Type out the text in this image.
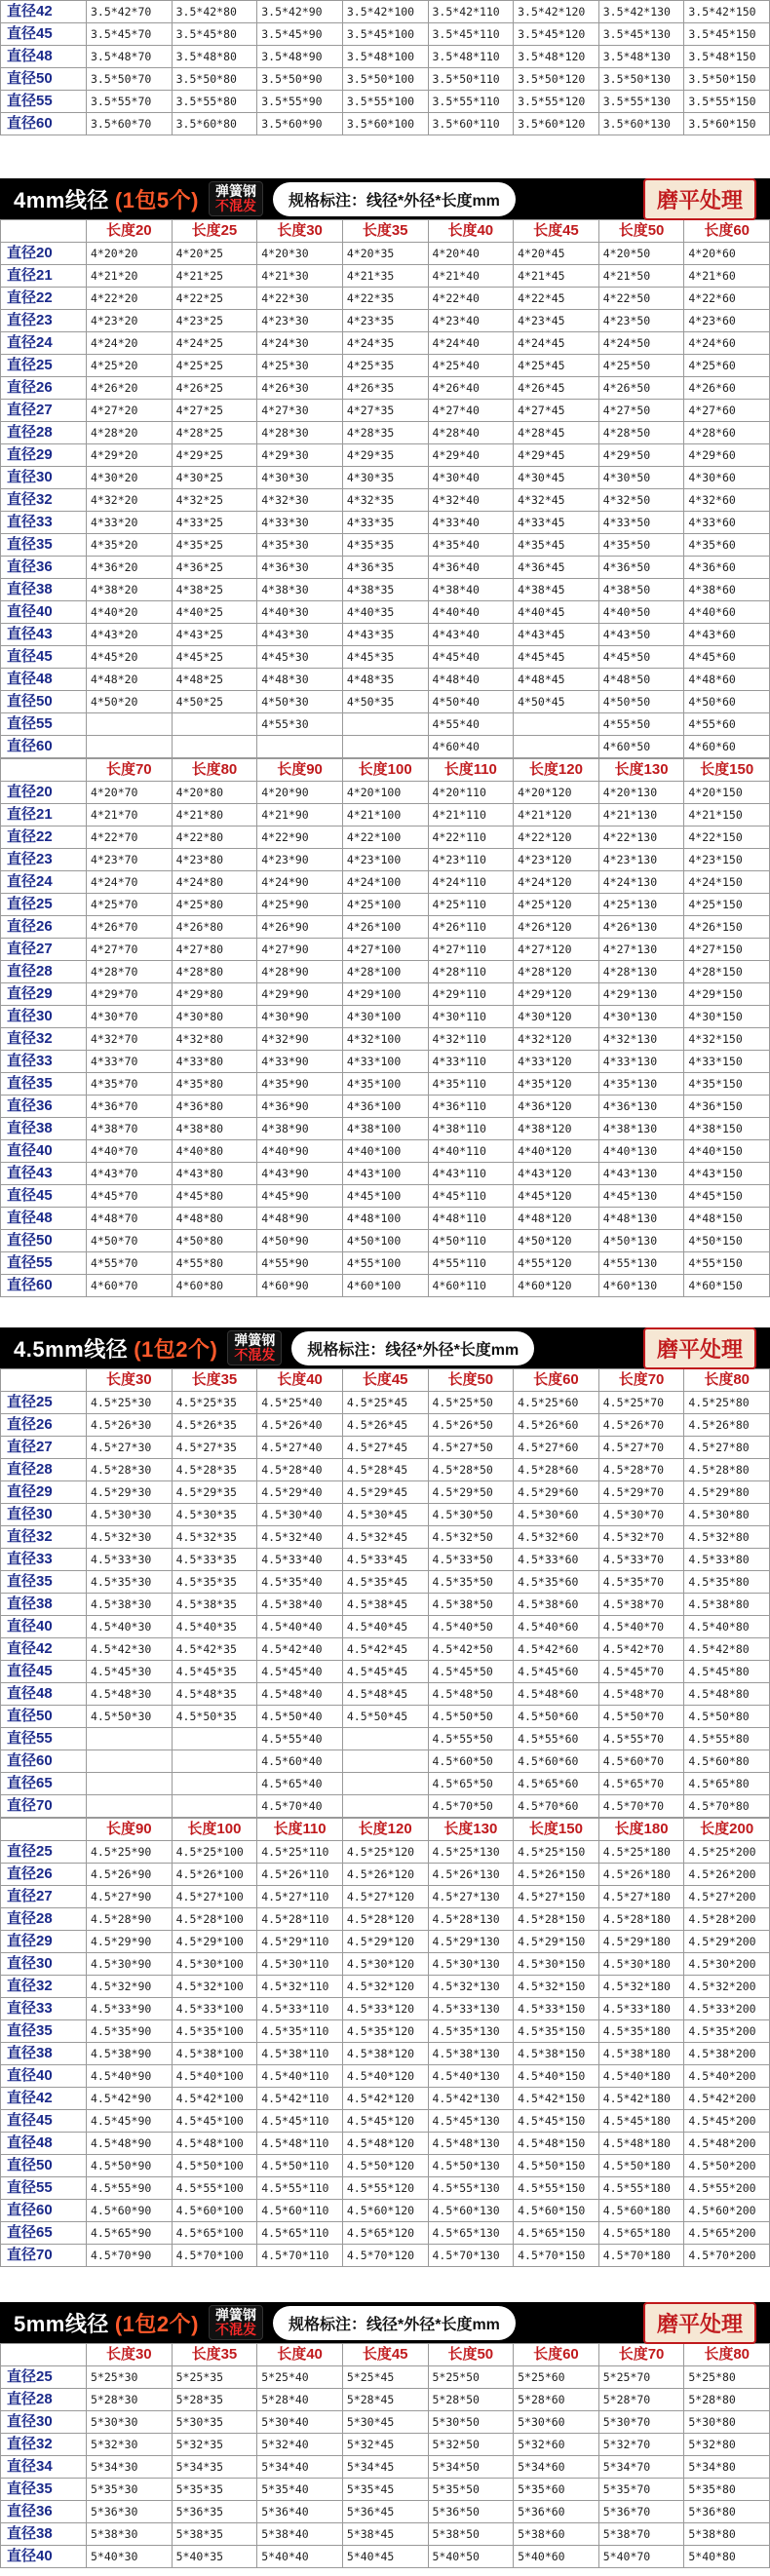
直径42	3.5*42*70	3.5*42*80	3.5*42*90	3.5*42*100	3.5*42*110	3.5*42*120	3.5*42*130	3.5*42*150
直径45	3.5*45*70	3.5*45*80	3.5*45*90	3.5*45*100	3.5*45*110	3.5*45*120	3.5*45*130	3.5*45*150
直径48	3.5*48*70	3.5*48*80	3.5*48*90	3.5*48*100	3.5*48*110	3.5*48*120	3.5*48*130	3.5*48*150
直径50	3.5*50*70	3.5*50*80	3.5*50*90	3.5*50*100	3.5*50*110	3.5*50*120	3.5*50*130	3.5*50*150
直径55	3.5*55*70	3.5*55*80	3.5*55*90	3.5*55*100	3.5*55*110	3.5*55*120	3.5*55*130	3.5*55*150
直径60	3.5*60*70	3.5*60*80	3.5*60*90	3.5*60*100	3.5*60*110	3.5*60*120	3.5*60*130	3.5*60*150
4mm线径 (1包5个) 弹簧钢
不混发	规格标注：线径*外径*长度mm	磨平处理
	长度20	长度25	长度30	长度35	长度40	长度45	长度50	长度60
直径20	4*20*20	4*20*25	4*20*30	4*20*35	4*20*40	4*20*45	4*20*50	4*20*60
直径21	4*21*20	4*21*25	4*21*30	4*21*35	4*21*40	4*21*45	4*21*50	4*21*60
直径22	4*22*20	4*22*25	4*22*30	4*22*35	4*22*40	4*22*45	4*22*50	4*22*60
直径23	4*23*20	4*23*25	4*23*30	4*23*35	4*23*40	4*23*45	4*23*50	4*23*60
直径24	4*24*20	4*24*25	4*24*30	4*24*35	4*24*40	4*24*45	4*24*50	4*24*60
直径25	4*25*20	4*25*25	4*25*30	4*25*35	4*25*40	4*25*45	4*25*50	4*25*60
直径26	4*26*20	4*26*25	4*26*30	4*26*35	4*26*40	4*26*45	4*26*50	4*26*60
直径27	4*27*20	4*27*25	4*27*30	4*27*35	4*27*40	4*27*45	4*27*50	4*27*60
直径28	4*28*20	4*28*25	4*28*30	4*28*35	4*28*40	4*28*45	4*28*50	4*28*60
直径29	4*29*20	4*29*25	4*29*30	4*29*35	4*29*40	4*29*45	4*29*50	4*29*60
直径30	4*30*20	4*30*25	4*30*30	4*30*35	4*30*40	4*30*45	4*30*50	4*30*60
直径32	4*32*20	4*32*25	4*32*30	4*32*35	4*32*40	4*32*45	4*32*50	4*32*60
直径33	4*33*20	4*33*25	4*33*30	4*33*35	4*33*40	4*33*45	4*33*50	4*33*60
直径35	4*35*20	4*35*25	4*35*30	4*35*35	4*35*40	4*35*45	4*35*50	4*35*60
直径36	4*36*20	4*36*25	4*36*30	4*36*35	4*36*40	4*36*45	4*36*50	4*36*60
直径38	4*38*20	4*38*25	4*38*30	4*38*35	4*38*40	4*38*45	4*38*50	4*38*60
直径40	4*40*20	4*40*25	4*40*30	4*40*35	4*40*40	4*40*45	4*40*50	4*40*60
直径43	4*43*20	4*43*25	4*43*30	4*43*35	4*43*40	4*43*45	4*43*50	4*43*60
直径45	4*45*20	4*45*25	4*45*30	4*45*35	4*45*40	4*45*45	4*45*50	4*45*60
直径48	4*48*20	4*48*25	4*48*30	4*48*35	4*48*40	4*48*45	4*48*50	4*48*60
直径50	4*50*20	4*50*25	4*50*30	4*50*35	4*50*40	4*50*45	4*50*50	4*50*60
直径55			4*55*30		4*55*40		4*55*50	4*55*60
直径60					4*60*40		4*60*50	4*60*60
	长度70	长度80	长度90	长度100	长度110	长度120	长度130	长度150
直径20	4*20*70	4*20*80	4*20*90	4*20*100	4*20*110	4*20*120	4*20*130	4*20*150
直径21	4*21*70	4*21*80	4*21*90	4*21*100	4*21*110	4*21*120	4*21*130	4*21*150
直径22	4*22*70	4*22*80	4*22*90	4*22*100	4*22*110	4*22*120	4*22*130	4*22*150
直径23	4*23*70	4*23*80	4*23*90	4*23*100	4*23*110	4*23*120	4*23*130	4*23*150
直径24	4*24*70	4*24*80	4*24*90	4*24*100	4*24*110	4*24*120	4*24*130	4*24*150
直径25	4*25*70	4*25*80	4*25*90	4*25*100	4*25*110	4*25*120	4*25*130	4*25*150
直径26	4*26*70	4*26*80	4*26*90	4*26*100	4*26*110	4*26*120	4*26*130	4*26*150
直径27	4*27*70	4*27*80	4*27*90	4*27*100	4*27*110	4*27*120	4*27*130	4*27*150
直径28	4*28*70	4*28*80	4*28*90	4*28*100	4*28*110	4*28*120	4*28*130	4*28*150
直径29	4*29*70	4*29*80	4*29*90	4*29*100	4*29*110	4*29*120	4*29*130	4*29*150
直径30	4*30*70	4*30*80	4*30*90	4*30*100	4*30*110	4*30*120	4*30*130	4*30*150
直径32	4*32*70	4*32*80	4*32*90	4*32*100	4*32*110	4*32*120	4*32*130	4*32*150
直径33	4*33*70	4*33*80	4*33*90	4*33*100	4*33*110	4*33*120	4*33*130	4*33*150
直径35	4*35*70	4*35*80	4*35*90	4*35*100	4*35*110	4*35*120	4*35*130	4*35*150
直径36	4*36*70	4*36*80	4*36*90	4*36*100	4*36*110	4*36*120	4*36*130	4*36*150
直径38	4*38*70	4*38*80	4*38*90	4*38*100	4*38*110	4*38*120	4*38*130	4*38*150
直径40	4*40*70	4*40*80	4*40*90	4*40*100	4*40*110	4*40*120	4*40*130	4*40*150
直径43	4*43*70	4*43*80	4*43*90	4*43*100	4*43*110	4*43*120	4*43*130	4*43*150
直径45	4*45*70	4*45*80	4*45*90	4*45*100	4*45*110	4*45*120	4*45*130	4*45*150
直径48	4*48*70	4*48*80	4*48*90	4*48*100	4*48*110	4*48*120	4*48*130	4*48*150
直径50	4*50*70	4*50*80	4*50*90	4*50*100	4*50*110	4*50*120	4*50*130	4*50*150
直径55	4*55*70	4*55*80	4*55*90	4*55*100	4*55*110	4*55*120	4*55*130	4*55*150
直径60	4*60*70	4*60*80	4*60*90	4*60*100	4*60*110	4*60*120	4*60*130	4*60*150
4.5mm线径 (1包2个) 弹簧钢
不混发	规格标注：线径*外径*长度mm	磨平处理
	长度30	长度35	长度40	长度45	长度50	长度60	长度70	长度80
直径25	4.5*25*30	4.5*25*35	4.5*25*40	4.5*25*45	4.5*25*50	4.5*25*60	4.5*25*70	4.5*25*80
直径26	4.5*26*30	4.5*26*35	4.5*26*40	4.5*26*45	4.5*26*50	4.5*26*60	4.5*26*70	4.5*26*80
直径27	4.5*27*30	4.5*27*35	4.5*27*40	4.5*27*45	4.5*27*50	4.5*27*60	4.5*27*70	4.5*27*80
直径28	4.5*28*30	4.5*28*35	4.5*28*40	4.5*28*45	4.5*28*50	4.5*28*60	4.5*28*70	4.5*28*80
直径29	4.5*29*30	4.5*29*35	4.5*29*40	4.5*29*45	4.5*29*50	4.5*29*60	4.5*29*70	4.5*29*80
直径30	4.5*30*30	4.5*30*35	4.5*30*40	4.5*30*45	4.5*30*50	4.5*30*60	4.5*30*70	4.5*30*80
直径32	4.5*32*30	4.5*32*35	4.5*32*40	4.5*32*45	4.5*32*50	4.5*32*60	4.5*32*70	4.5*32*80
直径33	4.5*33*30	4.5*33*35	4.5*33*40	4.5*33*45	4.5*33*50	4.5*33*60	4.5*33*70	4.5*33*80
直径35	4.5*35*30	4.5*35*35	4.5*35*40	4.5*35*45	4.5*35*50	4.5*35*60	4.5*35*70	4.5*35*80
直径38	4.5*38*30	4.5*38*35	4.5*38*40	4.5*38*45	4.5*38*50	4.5*38*60	4.5*38*70	4.5*38*80
直径40	4.5*40*30	4.5*40*35	4.5*40*40	4.5*40*45	4.5*40*50	4.5*40*60	4.5*40*70	4.5*40*80
直径42	4.5*42*30	4.5*42*35	4.5*42*40	4.5*42*45	4.5*42*50	4.5*42*60	4.5*42*70	4.5*42*80
直径45	4.5*45*30	4.5*45*35	4.5*45*40	4.5*45*45	4.5*45*50	4.5*45*60	4.5*45*70	4.5*45*80
直径48	4.5*48*30	4.5*48*35	4.5*48*40	4.5*48*45	4.5*48*50	4.5*48*60	4.5*48*70	4.5*48*80
直径50	4.5*50*30	4.5*50*35	4.5*50*40	4.5*50*45	4.5*50*50	4.5*50*60	4.5*50*70	4.5*50*80
直径55			4.5*55*40		4.5*55*50	4.5*55*60	4.5*55*70	4.5*55*80
直径60			4.5*60*40		4.5*60*50	4.5*60*60	4.5*60*70	4.5*60*80
直径65			4.5*65*40		4.5*65*50	4.5*65*60	4.5*65*70	4.5*65*80
直径70			4.5*70*40		4.5*70*50	4.5*70*60	4.5*70*70	4.5*70*80
	长度90	长度100	长度110	长度120	长度130	长度150	长度180	长度200
直径25	4.5*25*90	4.5*25*100	4.5*25*110	4.5*25*120	4.5*25*130	4.5*25*150	4.5*25*180	4.5*25*200
直径26	4.5*26*90	4.5*26*100	4.5*26*110	4.5*26*120	4.5*26*130	4.5*26*150	4.5*26*180	4.5*26*200
直径27	4.5*27*90	4.5*27*100	4.5*27*110	4.5*27*120	4.5*27*130	4.5*27*150	4.5*27*180	4.5*27*200
直径28	4.5*28*90	4.5*28*100	4.5*28*110	4.5*28*120	4.5*28*130	4.5*28*150	4.5*28*180	4.5*28*200
直径29	4.5*29*90	4.5*29*100	4.5*29*110	4.5*29*120	4.5*29*130	4.5*29*150	4.5*29*180	4.5*29*200
直径30	4.5*30*90	4.5*30*100	4.5*30*110	4.5*30*120	4.5*30*130	4.5*30*150	4.5*30*180	4.5*30*200
直径32	4.5*32*90	4.5*32*100	4.5*32*110	4.5*32*120	4.5*32*130	4.5*32*150	4.5*32*180	4.5*32*200
直径33	4.5*33*90	4.5*33*100	4.5*33*110	4.5*33*120	4.5*33*130	4.5*33*150	4.5*33*180	4.5*33*200
直径35	4.5*35*90	4.5*35*100	4.5*35*110	4.5*35*120	4.5*35*130	4.5*35*150	4.5*35*180	4.5*35*200
直径38	4.5*38*90	4.5*38*100	4.5*38*110	4.5*38*120	4.5*38*130	4.5*38*150	4.5*38*180	4.5*38*200
直径40	4.5*40*90	4.5*40*100	4.5*40*110	4.5*40*120	4.5*40*130	4.5*40*150	4.5*40*180	4.5*40*200
直径42	4.5*42*90	4.5*42*100	4.5*42*110	4.5*42*120	4.5*42*130	4.5*42*150	4.5*42*180	4.5*42*200
直径45	4.5*45*90	4.5*45*100	4.5*45*110	4.5*45*120	4.5*45*130	4.5*45*150	4.5*45*180	4.5*45*200
直径48	4.5*48*90	4.5*48*100	4.5*48*110	4.5*48*120	4.5*48*130	4.5*48*150	4.5*48*180	4.5*48*200
直径50	4.5*50*90	4.5*50*100	4.5*50*110	4.5*50*120	4.5*50*130	4.5*50*150	4.5*50*180	4.5*50*200
直径55	4.5*55*90	4.5*55*100	4.5*55*110	4.5*55*120	4.5*55*130	4.5*55*150	4.5*55*180	4.5*55*200
直径60	4.5*60*90	4.5*60*100	4.5*60*110	4.5*60*120	4.5*60*130	4.5*60*150	4.5*60*180	4.5*60*200
直径65	4.5*65*90	4.5*65*100	4.5*65*110	4.5*65*120	4.5*65*130	4.5*65*150	4.5*65*180	4.5*65*200
直径70	4.5*70*90	4.5*70*100	4.5*70*110	4.5*70*120	4.5*70*130	4.5*70*150	4.5*70*180	4.5*70*200
5mm线径 (1包2个) 弹簧钢
不混发	规格标注：线径*外径*长度mm	磨平处理
	长度30	长度35	长度40	长度45	长度50	长度60	长度70	长度80
直径25	5*25*30	5*25*35	5*25*40	5*25*45	5*25*50	5*25*60	5*25*70	5*25*80
直径28	5*28*30	5*28*35	5*28*40	5*28*45	5*28*50	5*28*60	5*28*70	5*28*80
直径30	5*30*30	5*30*35	5*30*40	5*30*45	5*30*50	5*30*60	5*30*70	5*30*80
直径32	5*32*30	5*32*35	5*32*40	5*32*45	5*32*50	5*32*60	5*32*70	5*32*80
直径34	5*34*30	5*34*35	5*34*40	5*34*45	5*34*50	5*34*60	5*34*70	5*34*80
直径35	5*35*30	5*35*35	5*35*40	5*35*45	5*35*50	5*35*60	5*35*70	5*35*80
直径36	5*36*30	5*36*35	5*36*40	5*36*45	5*36*50	5*36*60	5*36*70	5*36*80
直径38	5*38*30	5*38*35	5*38*40	5*38*45	5*38*50	5*38*60	5*38*70	5*38*80
直径40	5*40*30	5*40*35	5*40*40	5*40*45	5*40*50	5*40*60	5*40*70	5*40*80
